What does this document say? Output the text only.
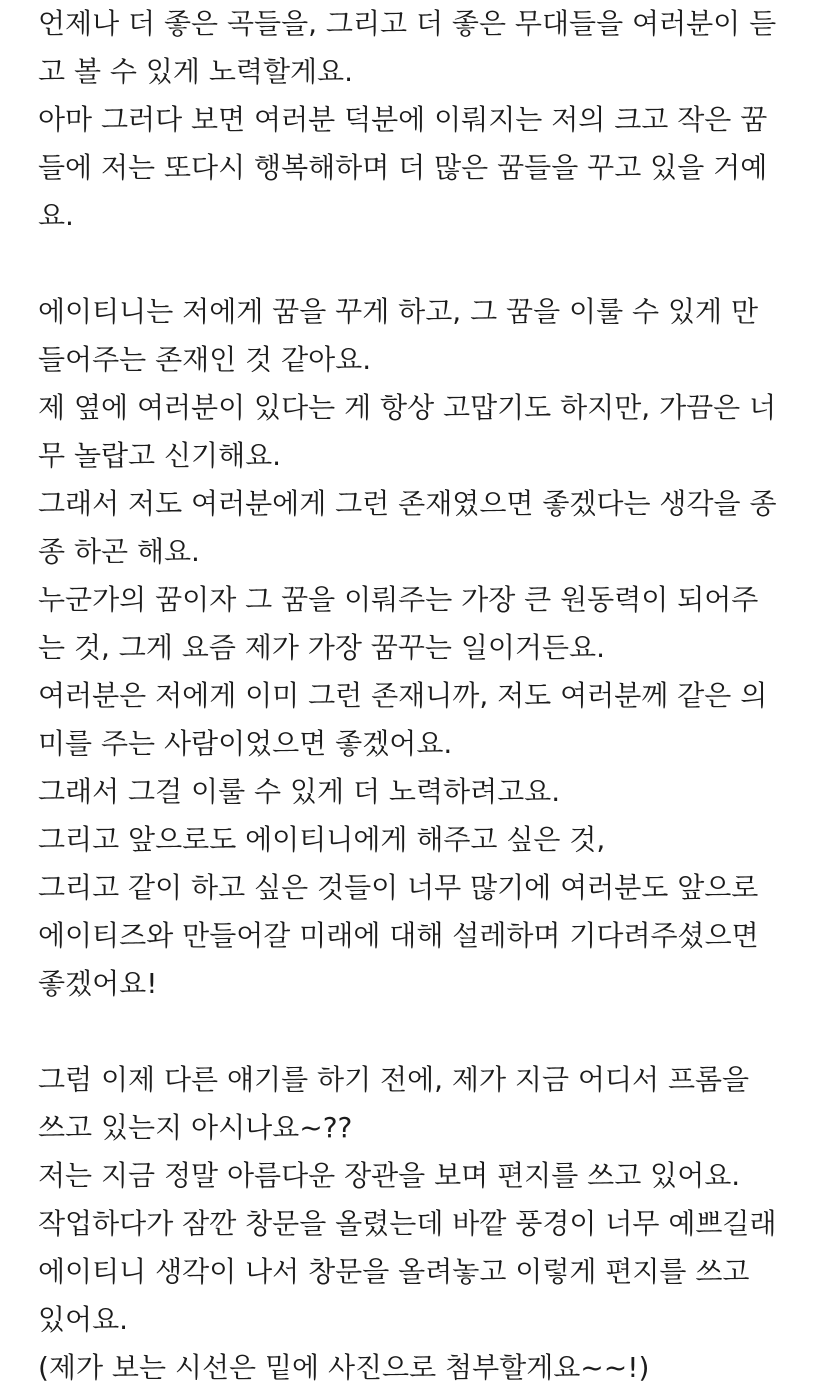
언제나 더 좋은 곡들을, 그리고 더 좋은 무대들을 여러분이 듣
고 볼 수 있게 노력할게요.
아마 그러다 보면 여러분 덕분에 이뤄지는 저의 크고 작은 꿈
들에 저는 또다시 행복해하며 더 많은 꿈들을 꾸고 있을 거예
요.
에이티니는 저에게 꿈을 꾸게 하고, 그 꿈을 이룰 수 있게 만
들어주는 존재인 것 같아요.
제 옆에 여러분이 있다는 게 항상 고맙기도 하지만, 가끔은 너
무 놀랍고 신기해요.
그래서 저도 여러분에게 그런 존재였으면 좋겠다는 생각을 종
종 하곤 해요.
누군가의 꿈이자 그 꿈을 이뤄주는 가장 큰 원동력이 되어주
는 것, 그게 요즘 제가 가장 꿈꾸는 일이거든요.
여러분은 저에게 이미 그런 존재니까, 저도 여러분께 같은 의
미를 주는 사람이었으면 좋겠어요.
그래서 그걸 이룰 수 있게 더 노력하려고요.
그리고 앞으로도 에이티니에게 해주고 싶은 것,
그리고 같이 하고 싶은 것들이 너무 많기에 여러분도 앞으로
에이티즈와 만들어갈 미래에 대해 설레하며 기다려주셨으면
좋겠어요!
그럼 이제 다른 얘기를 하기 전에, 제가 지금 어디서 프롬을
쓰고 있는지 아시나요~??
저는 지금 정말 아름다운 장관을 보며 편지를 쓰고 있어요.
작업하다가 잠깐 창문을 올렸는데 바깥 풍경이 너무 예쁘길래
에이티니 생각이 나서 창문을 올려놓고 이렇게 편지를 쓰고
있어요.
(제가 보는 시선은 밑에 사진으로 첨부할게요~~!)
